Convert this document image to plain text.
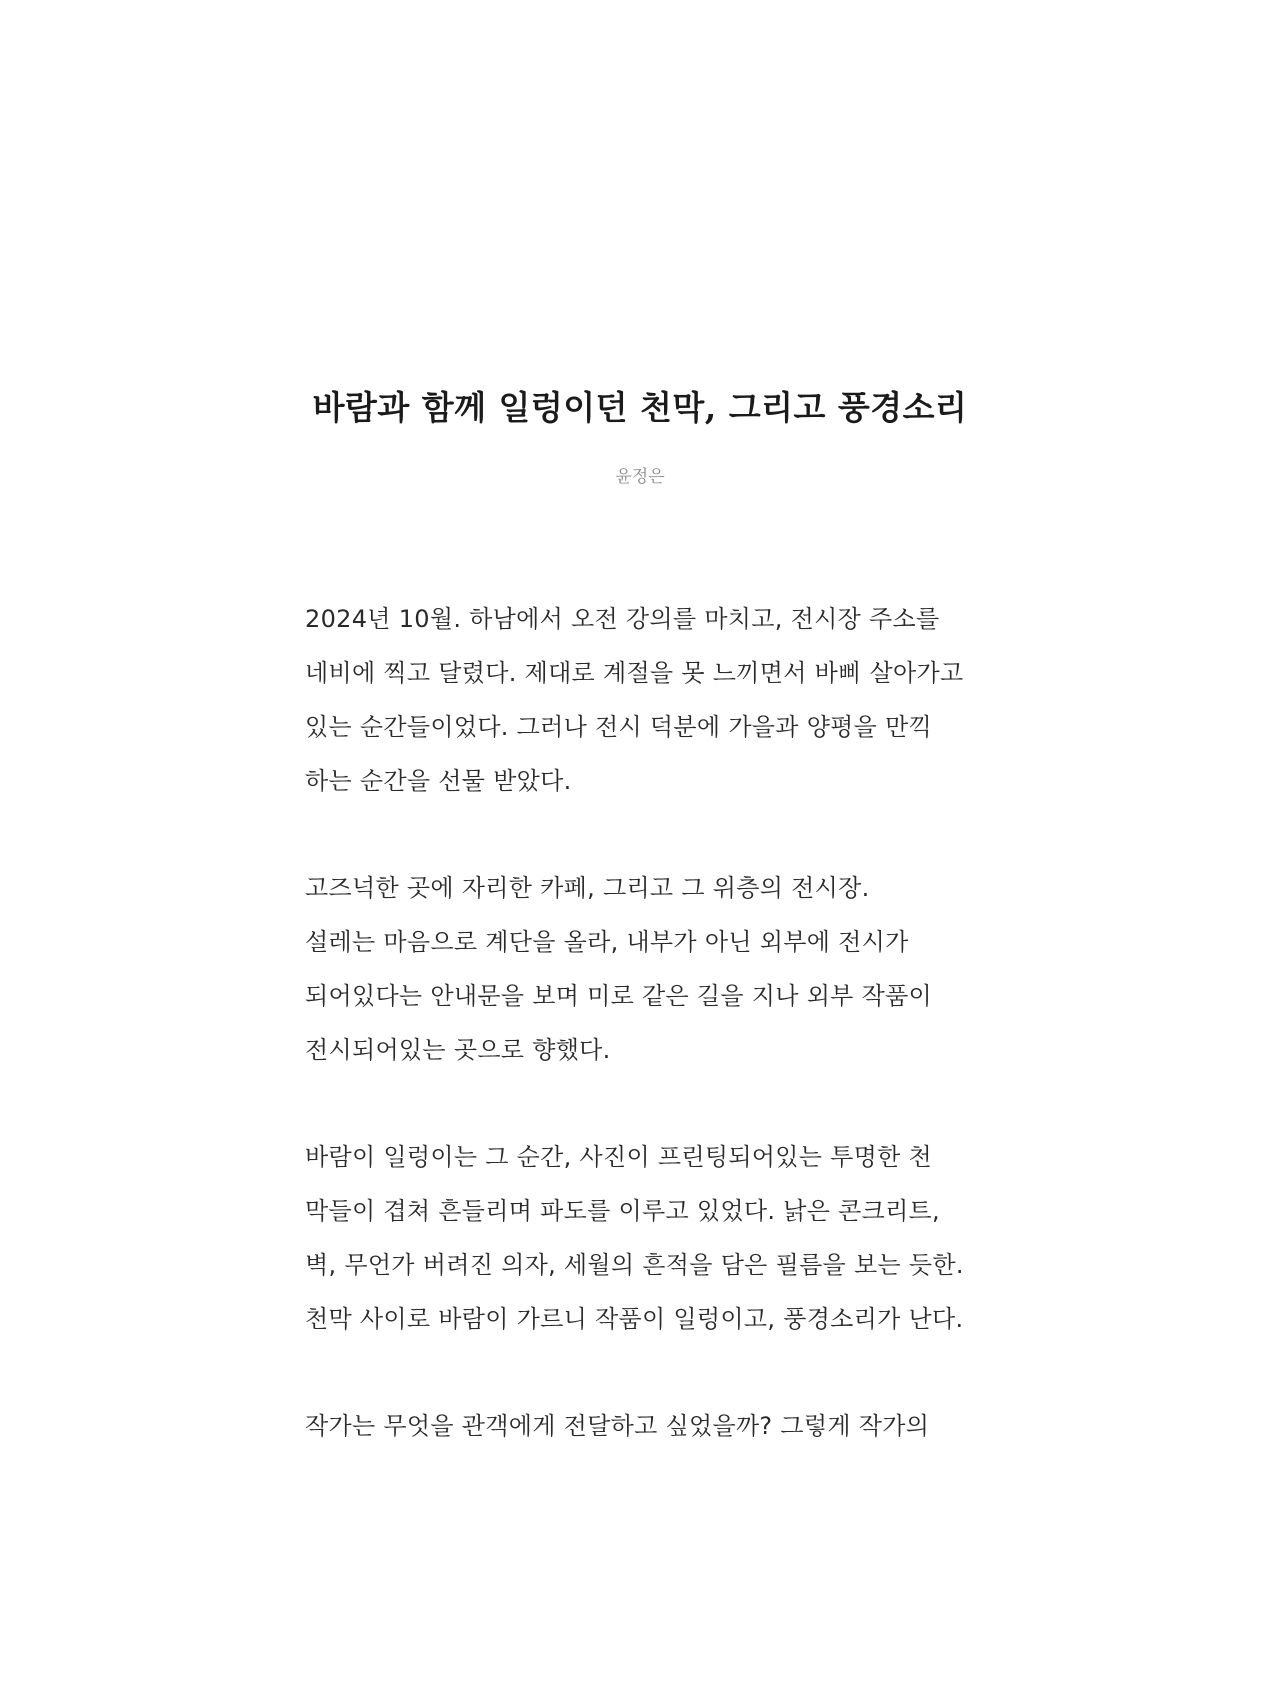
바람과 함께 일렁이던 천막, 그리고 풍경소리
윤정은

2024년 10월. 하남에서 오전 강의를 마치고, 전시장 주소를
네비에 찍고 달렸다. 제대로 계절을 못 느끼면서 바삐 살아가고
있는 순간들이었다. 그러나 전시 덕분에 가을과 양평을 만끽
하는 순간을 선물 받았다.

고즈넉한 곳에 자리한 카페, 그리고 그 위층의 전시장.
설레는 마음으로 계단을 올라, 내부가 아닌 외부에 전시가
되어있다는 안내문을 보며 미로 같은 길을 지나 외부 작품이
전시되어있는 곳으로 향했다.

바람이 일렁이는 그 순간, 사진이 프린팅되어있는 투명한 천
막들이 겹쳐 흔들리며 파도를 이루고 있었다. 낡은 콘크리트,
벽, 무언가 버려진 의자, 세월의 흔적을 담은 필름을 보는 듯한.
천막 사이로 바람이 가르니 작품이 일렁이고, 풍경소리가 난다.

작가는 무엇을 관객에게 전달하고 싶었을까? 그렇게 작가의
